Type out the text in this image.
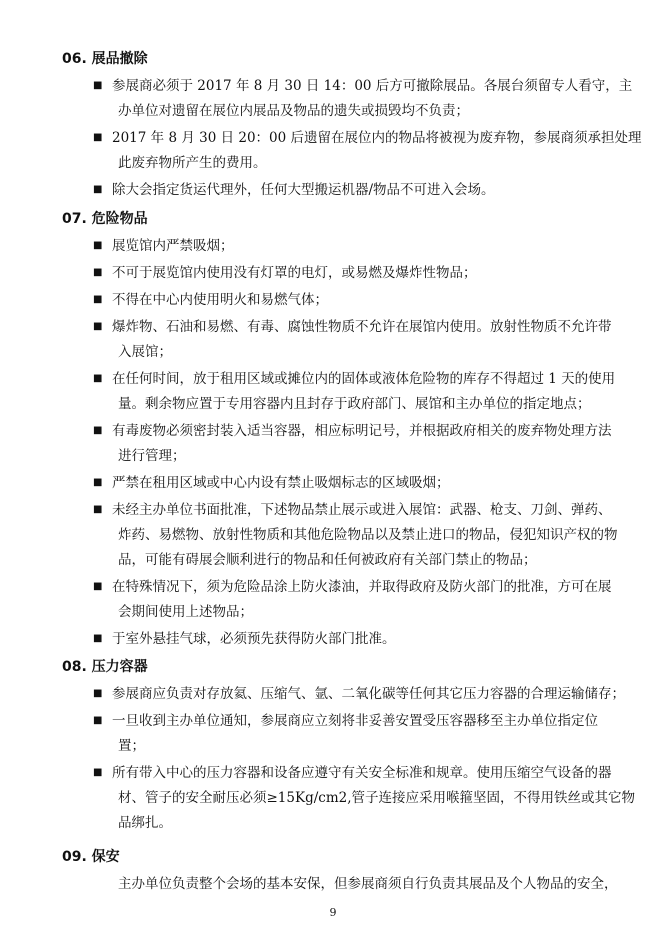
06. 展品撤除
■ 参展商必须于 2017 年 8 月 30 日 14：00 后方可撤除展品。各展台须留专人看守，主
办单位对遗留在展位内展品及物品的遗失或损毁均不负责；
■ 2017 年 8 月 30 日 20：00 后遗留在展位内的物品将被视为废弃物，参展商须承担处理
此废弃物所产生的费用。
■ 除大会指定货运代理外，任何大型搬运机器/物品不可进入会场。
07. 危险物品
■ 展览馆内严禁吸烟；
■ 不可于展览馆内使用没有灯罩的电灯，或易燃及爆炸性物品；
■ 不得在中心内使用明火和易燃气体；
■ 爆炸物、石油和易燃、有毒、腐蚀性物质不允许在展馆内使用。放射性物质不允许带
入展馆；
■ 在任何时间，放于租用区域或摊位内的固体或液体危险物的库存不得超过 1 天的使用
量。剩余物应置于专用容器内且封存于政府部门、展馆和主办单位的指定地点；
■ 有毒废物必须密封装入适当容器，相应标明记号，并根据政府相关的废弃物处理方法
进行管理；
■ 严禁在租用区域或中心内设有禁止吸烟标志的区域吸烟；
■ 未经主办单位书面批准，下述物品禁止展示或进入展馆：武器、枪支、刀剑、弹药、
炸药、易燃物、放射性物质和其他危险物品以及禁止进口的物品，侵犯知识产权的物
品，可能有碍展会顺利进行的物品和任何被政府有关部门禁止的物品；
■ 在特殊情况下，须为危险品涂上防火漆油，并取得政府及防火部门的批准，方可在展
会期间使用上述物品；
■ 于室外悬挂气球，必须预先获得防火部门批准。
08. 压力容器
■ 参展商应负责对存放氦、压缩气、氩、二氧化碳等任何其它压力容器的合理运输储存；
■ 一旦收到主办单位通知，参展商应立刻将非妥善安置受压容器移至主办单位指定位
置；
■ 所有带入中心的压力容器和设备应遵守有关安全标准和规章。使用压缩空气设备的器
材、管子的安全耐压必须≥15Kg/cm2,管子连接应采用喉箍坚固，不得用铁丝或其它物
品绑扎。
09. 保安
主办单位负责整个会场的基本安保，但参展商须自行负责其展品及个人物品的安全，
9
